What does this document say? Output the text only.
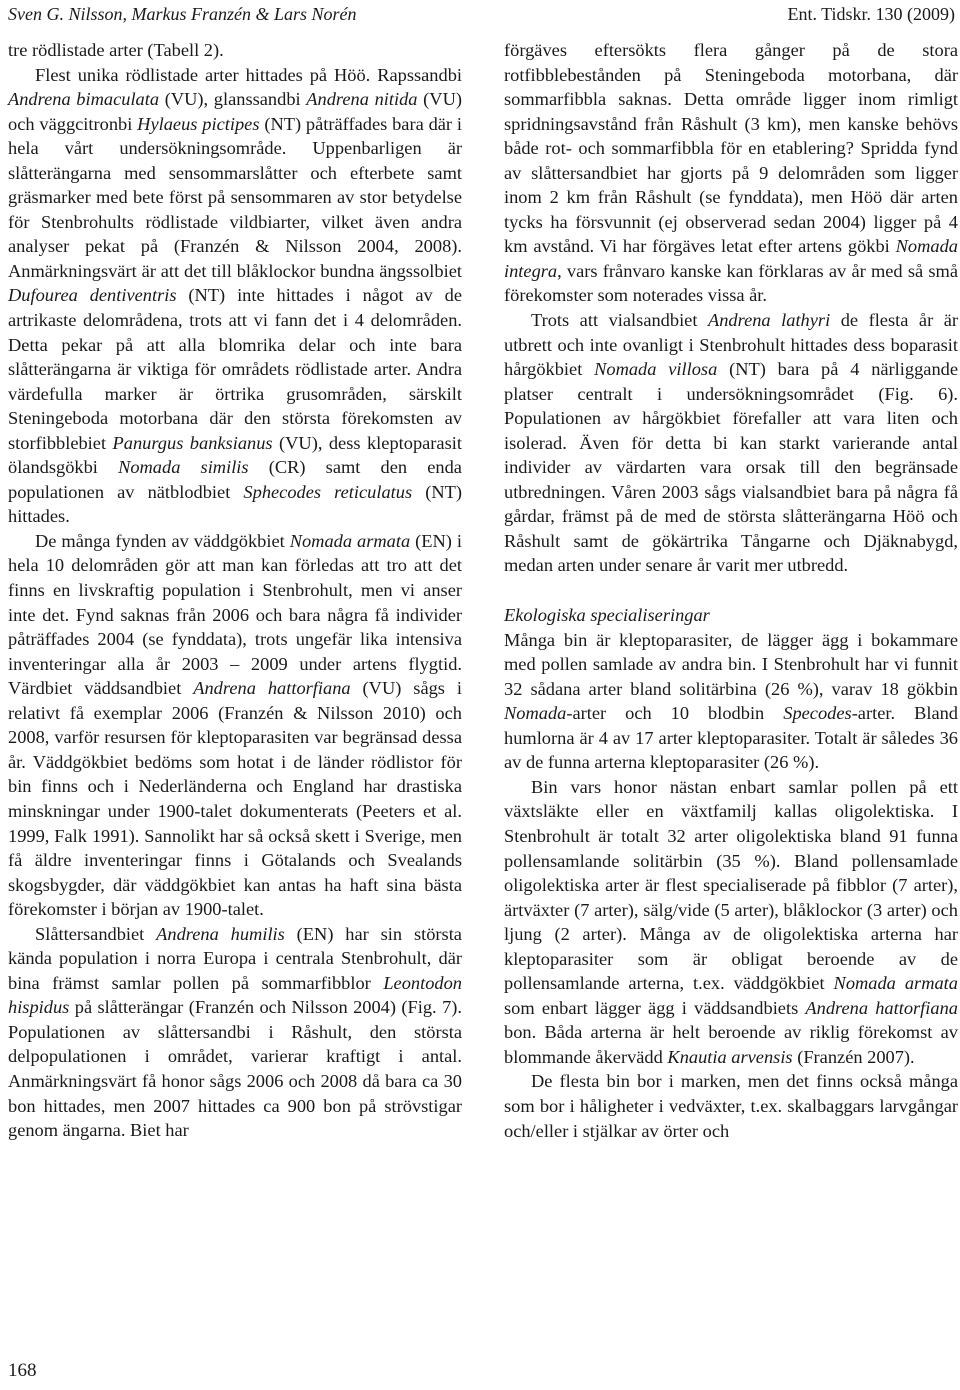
Sven G. Nilsson, Markus Franzén & Lars Norén	Ent. Tidskr. 130 (2009)

tre rödlistade arter (Tabell 2).

Flest unika rödlistade arter hittades på Höö. Rapssandbi Andrena bimaculata (VU), glanssandbi Andrena nitida (VU) och väggcitronbi Hylaeus pictipes (NT) påträffades bara där i hela vårt undersökningsområde. Uppenbarligen är slåtterängarna med sensommarslåtter och efterbete samt gräsmarker med bete först på sensommaren av stor betydelse för Stenbrohults rödlistade vildbiarter, vilket även andra analyser pekat på (Franzén & Nilsson 2004, 2008). Anmärkningsvärt är att det till blåklockor bundna ängssolbiet Dufourea dentiventris (NT) inte hittades i något av de artrikaste delområdena, trots att vi fann det i 4 delområden. Detta pekar på att alla blomrika delar och inte bara slåtterängarna är viktiga för områdets rödlistade arter. Andra värdefulla marker är örtrika grusområden, särskilt Steningeboda motorbana där den största förekomsten av storfibblebiet Panurgus banksianus (VU), dess kleptoparasit ölandsgökbi Nomada similis (CR) samt den enda populationen av nätblodbiet Sphecodes reticulatus (NT) hittades.

De många fynden av väddgökbiet Nomada armata (EN) i hela 10 delområden gör att man kan förledas att tro att det finns en livskraftig population i Stenbrohult, men vi anser inte det. Fynd saknas från 2006 och bara några få individer påträffades 2004 (se fynddata), trots ungefär lika intensiva inventeringar alla år 2003 – 2009 under artens flygtid. Värdbiet väddsandbiet Andrena hattorfiana (VU) sågs i relativt få exemplar 2006 (Franzén & Nilsson 2010) och 2008, varför resursen för kleptoparasiten var begränsad dessa år. Väddgökbiet bedöms som hotat i de länder rödlistor för bin finns och i Nederländerna och England har drastiska minskningar under 1900-talet dokumenterats (Peeters et al. 1999, Falk 1991). Sannolikt har så också skett i Sverige, men få äldre inventeringar finns i Götalands och Svealands skogsbygder, där väddgökbiet kan antas ha haft sina bästa förekomster i början av 1900-talet.

Slåttersandbiet Andrena humilis (EN) har sin största kända population i norra Europa i centrala Stenbrohult, där bina främst samlar pollen på sommarfibblor Leontodon hispidus på slåtterängar (Franzén och Nilsson 2004) (Fig. 7). Populationen av slåttersandbi i Råshult, den största delpopulationen i området, varierar kraftigt i antal. Anmärkningsvärt få honor sågs 2006 och 2008 då bara ca 30 bon hittades, men 2007 hittades ca 900 bon på strövstigar genom ängarna. Biet har

förgäves eftersökts flera gånger på de stora rotfibblebestånden på Steningeboda motorbana, där sommarfibbla saknas. Detta område ligger inom rimligt spridningsavstånd från Råshult (3 km), men kanske behövs både rot- och sommarfibbla för en etablering? Spridda fynd av slåttersandbiet har gjorts på 9 delområden som ligger inom 2 km från Råshult (se fynddata), men Höö där arten tycks ha försvunnit (ej observerad sedan 2004) ligger på 4 km avstånd. Vi har förgäves letat efter artens gökbi Nomada integra, vars frånvaro kanske kan förklaras av år med så små förekomster som noterades vissa år.

Trots att vialsandbiet Andrena lathyri de flesta år är utbrett och inte ovanligt i Stenbrohult hittades dess boparasit hårgökbiet Nomada villosa (NT) bara på 4 närliggande platser centralt i undersökningsområdet (Fig. 6). Populationen av hårgökbiet förefaller att vara liten och isolerad. Även för detta bi kan starkt varierande antal individer av värdarten vara orsak till den begränsade utbredningen. Våren 2003 sågs vialsandbiet bara på några få gårdar, främst på de med de största slåtterängarna Höö och Råshult samt de gökärtrika Tångarne och Djäknabygd, medan arten under senare år varit mer utbredd.

Ekologiska specialiseringar

Många bin är kleptoparasiter, de lägger ägg i bokammare med pollen samlade av andra bin. I Stenbrohult har vi funnit 32 sådana arter bland solitärbina (26 %), varav 18 gökbin Nomada-arter och 10 blodbin Specodes-arter. Bland humlorna är 4 av 17 arter kleptoparasiter. Totalt är således 36 av de funna arterna kleptoparasiter (26 %).

Bin vars honor nästan enbart samlar pollen på ett växtsläkte eller en växtfamilj kallas oligolektiska. I Stenbrohult är totalt 32 arter oligolektiska bland 91 funna pollensamlande solitärbin (35 %). Bland pollensamlade oligolektiska arter är flest specialiserade på fibblor (7 arter), ärtväxter (7 arter), sälg/vide (5 arter), blåklockor (3 arter) och ljung (2 arter). Många av de oligolektiska arterna har kleptoparasiter som är obligat beroende av de pollensamlande arterna, t.ex. väddgökbiet Nomada armata som enbart lägger ägg i väddsandbiets Andrena hattorfiana bon. Båda arterna är helt beroende av riklig förekomst av blommande åkervädd Knautia arvensis (Franzén 2007).

De flesta bin bor i marken, men det finns också många som bor i håligheter i vedväxter, t.ex. skalbaggars larvgångar och/eller i stjälkar av örter och

168
